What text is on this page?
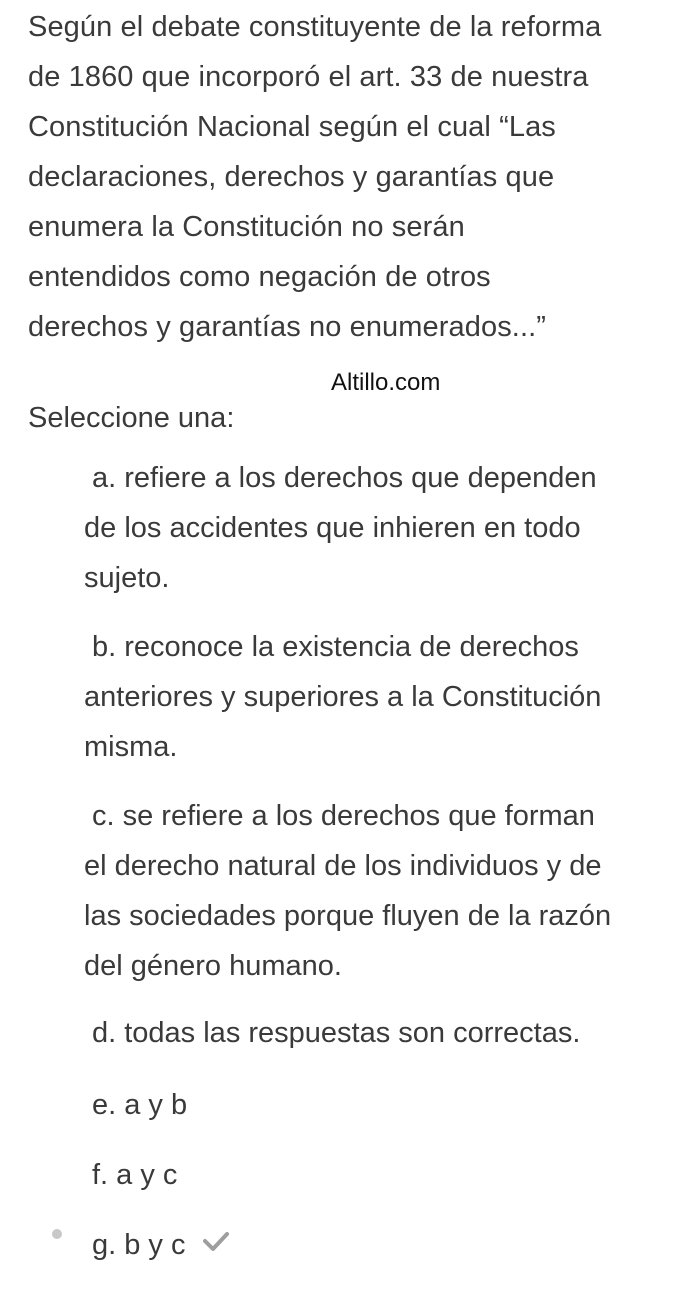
Según el debate constituyente de la reforma
de 1860 que incorporó el art. 33 de nuestra
Constitución Nacional según el cual “Las
declaraciones, derechos y garantías que
enumera la Constitución no serán
entendidos como negación de otros
derechos y garantías no enumerados...”
Altillo.com
Seleccione una:
a. refiere a los derechos que dependen
de los accidentes que inhieren en todo
sujeto.
b. reconoce la existencia de derechos
anteriores y superiores a la Constitución
misma.
c. se refiere a los derechos que forman
el derecho natural de los individuos y de
las sociedades porque fluyen de la razón
del género humano.
d. todas las respuestas son correctas.
e. a y b
f. a y c
g. b y c
